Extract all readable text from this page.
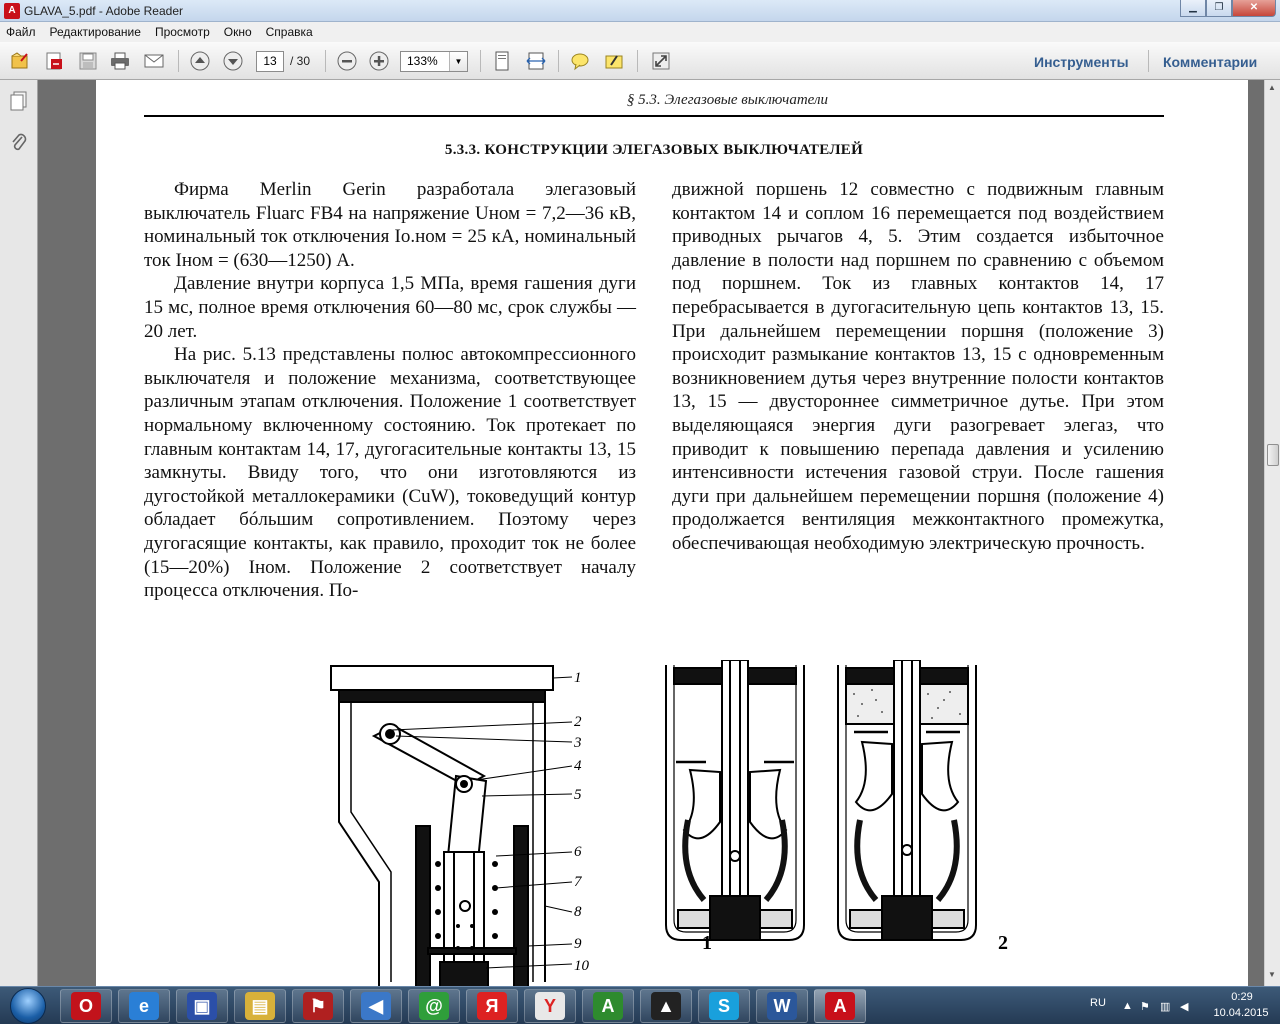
A GLAVA_5.pdf - Adobe Reader	▁	❐	✕
Файл Редактирование Просмотр Окно Справка
13	/ 30	133%	▼	Инструменты Комментарии
§ 5.3. Элегазовые выключатели
5.3.3. КОНСТРУКЦИИ ЭЛЕГАЗОВЫХ ВЫКЛЮЧАТЕЛЕЙ

Фирма Merlin Gerin разработала элегазовый выключатель Fluarc FB4 на напряжение Uном = 7,2—36 кВ, номинальный ток отключения Iо.ном = 25 кА, номинальный ток Iном = (630—1250) А.

Давление внутри корпуса 1,5 МПа, время гашения дуги 15 мс, полное время отключения 60—80 мс, срок службы — 20 лет.

На рис. 5.13 представлены полюс автокомпрессионного выключателя и положение механизма, соответствующее различным этапам отключения. Положение 1 соответствует нормальному включенному состоянию. Ток протекает по главным контактам 14, 17, дугогасительные контакты 13, 15 замкнуты. Ввиду того, что они изготовляются из дугостойкой металлокерамики (CuW), токоведущий контур обладает бóльшим сопротивлением. Поэтому через дугогасящие контакты, как правило, проходит ток не более (15—20%) Iном. Положение 2 соответствует началу процесса отключения. По-

движной поршень 12 совместно с подвижным главным контактом 14 и соплом 16 перемещается под воздействием приводных рычагов 4, 5. Этим создается избыточное давление в полости над поршнем по сравнению с объемом под поршнем. Ток из главных контактов 14, 17 перебрасывается в дугогасительную цепь контактов 13, 15. При дальнейшем перемещении поршня (положение 3) происходит размыкание контактов 13, 15 с одновременным возникновением дутья через внутренние полости контактов 13, 15 — двустороннее симметричное дутье. При этом выделяющаяся энергия дуги разогревает элегаз, что приводит к повышению перепада давления и усилению интенсивности истечения газовой струи. После гашения дуги при дальнейшем перемещении поршня (положение 4) продолжается вентиляция межконтактного промежутка, обеспечивающая необходимую электрическую прочность.

1
2
3
4
5
6
7
8
9
10
1	2
▲
▼
O	e	▣	▤	⚑	◀	@	Я	Y	A	▲	S	W	A	RU ▲ ⚑ ▥ ◀
0:29
10.04.2015
